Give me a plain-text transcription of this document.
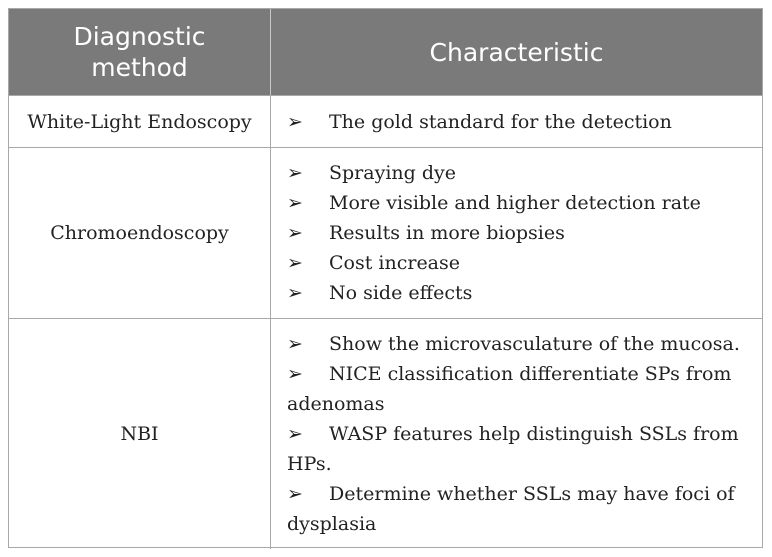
Diagnostic method
Characteristic
White-Light Endoscopy ➢ The gold standard for the detection
Chromoendoscopy
➢ Spraying dye
➢ More visible and higher detection rate
➢ Results in more biopsies
➢ Cost increase
➢ No side effects
NBI
➢ Show the microvasculature of the mucosa.
➢ NICE classification differentiate SPs from adenomas
➢ WASP features help distinguish SSLs from HPs.
➢ Determine whether SSLs may have foci of dysplasia
